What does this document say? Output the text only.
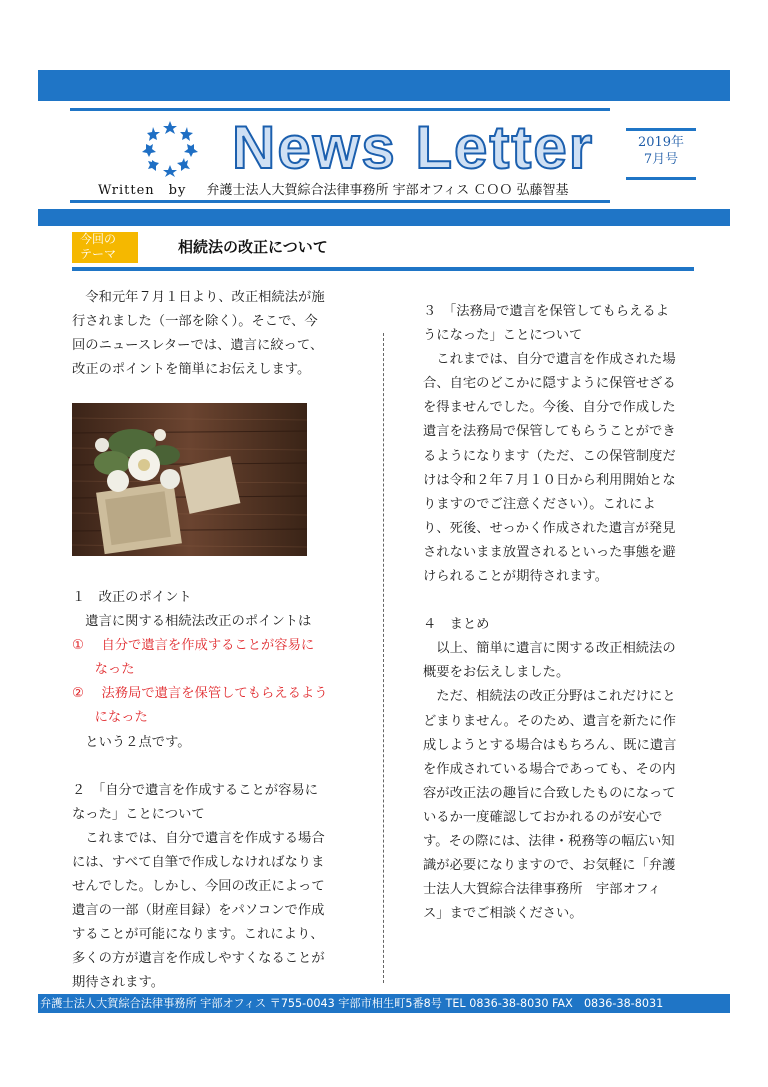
News Letter
Written　by 弁護士法人大賀綜合法律事務所 宇部オフィス ＣＯＯ 弘藤智基
2019年
7月号
今回の
テーマ	相続法の改正について

令和元年７月１日より、改正相続法が施

行されました（一部を除く）。そこで、今

回のニュースレターでは、遺言に絞って、

改正のポイントを簡単にお伝えします。

１　改正のポイント

遺言に関する相続法改正のポイントは

①　 自分で遺言を作成することが容易に

なった

②　 法務局で遺言を保管してもらえるよう

になった

という２点です。

２　「自分で遺言を作成することが容易に

なった」ことについて

これまでは、自分で遺言を作成する場合

には、すべて自筆で作成しなければなりま

せんでした。しかし、今回の改正によって

遺言の一部（財産目録）をパソコンで作成

することが可能になります。これにより、

多くの方が遺言を作成しやすくなることが

期待されます。

３　「法務局で遺言を保管してもらえるよ

うになった」ことについて

これまでは、自分で遺言を作成された場

合、自宅のどこかに隠すように保管せざる

を得ませんでした。今後、自分で作成した

遺言を法務局で保管してもらうことができ

るようになります（ただ、この保管制度だ

けは令和２年７月１０日から利用開始とな

りますのでご注意ください）。これによ

り、死後、せっかく作成された遺言が発見

されないまま放置されるといった事態を避

けられることが期待されます。

４　まとめ

以上、簡単に遺言に関する改正相続法の

概要をお伝えしました。

ただ、相続法の改正分野はこれだけにと

どまりません。そのため、遺言を新たに作

成しようとする場合はもちろん、既に遺言

を作成されている場合であっても、その内

容が改正法の趣旨に合致したものになって

いるか一度確認しておかれるのが安心で

す。その際には、法律・税務等の幅広い知

識が必要になりますので、お気軽に「弁護

士法人大賀綜合法律事務所　宇部オフィ

ス」までご相談ください。

弁護士法人大賀綜合法律事務所 宇部オフィス 〒755-0043 宇部市相生町5番8号 TEL 0836-38-8030 FAX　0836-38-8031
